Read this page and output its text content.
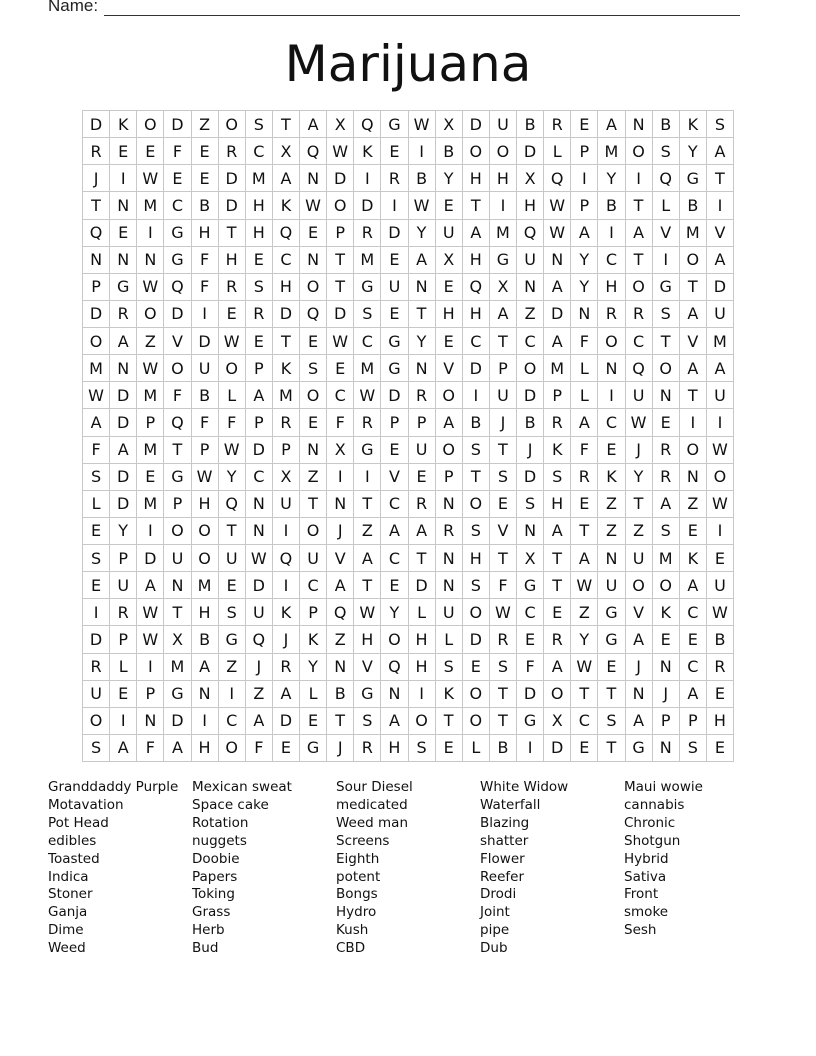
Name:
Marijuana
D K O D Z O S	T	A	X Q G W X D U B	R	E	A N B	K	S
R	E	E	F	E	R C	X Q W K	E	I	B O O D	L	P M O S	Y	A
J	I	W E	E D M A N D	I	R	B	Y	H H X Q	I	Y	I	Q G	T
T	N M C	B D H K W O D	I	W E	T	I	H W P	B	T	L	B	I
Q E	I	G H	T	H Q E	P	R D	Y	U A M Q W A	I	A	V M V
N N N G	F	H	E	C N	T M E	A	X H G U N	Y	C	T	I	O A
P	G W Q	F	R	S	H O T	G U N	E Q X N A	Y	H O G	T	D
D R O D	I	E	R D Q D S	E	T	H H A	Z D N R	R	S	A U
O A	Z	V D W E	T	E W C G	Y	E	C	T	C	A	F	O C	T	V M
M N W O U O	P	K	S	E M G N V D	P	O M L	N Q O A	A
W D M F	B	L	A M O C W D R O	I	U D	P	L	I	U N	T	U
A D	P	Q	F	F	P	R	E	F	R	P	P	A	B	J	B	R	A	C W E	I	I
F	A M T	P W D	P	N X G E	U O S	T	J	K	F	E	J	R O W
S D E G W Y	C	X	Z	I	I	V	E	P	T	S D S	R	K	Y	R N O
L	D M P	H Q N U	T	N	T	C R N O E	S	H	E	Z	T	A	Z W
E	Y	I	O O T	N	I	O	J	Z	A	A	R	S	V N A	T	Z	Z	S	E	I
S	P	D U O U W Q U V	A	C	T	N H	T	X	T	A N U M K	E
E	U A N M E D	I	C	A	T	E D N	S	F	G	T W U O O A U
I	R W T	H	S	U	K	P	Q W Y	L	U O W C	E	Z G V	K	C W
D	P W X	B G Q	J	K	Z H O H	L	D R	E	R	Y	G A	E	E	B
R	L	I	M A	Z	J	R	Y	N V Q H	S	E	S	F	A W E	J	N C R
U	E	P	G N	I	Z	A	L	B G N	I	K O T	D O T	T	N	J	A	E
O	I	N D	I	C	A D E	T	S	A O T O T	G X	C	S	A	P	P	H
S	A	F	A H O	F	E G	J	R H	S	E	L	B	I	D E	T	G N	S	E
Granddaddy Purple
Motavation
Pot Head
edibles
Toasted
Indica
Stoner
Ganja
Dime
Weed
Mexican sweat
Space cake
Rotation
nuggets
Doobie
Papers
Toking
Grass
Herb
Bud
Sour Diesel
medicated
Weed man
Screens
Eighth
potent
Bongs
Hydro
Kush
CBD
White Widow
Waterfall
Blazing
shatter
Flower
Reefer
Drodi
Joint
pipe
Dub
Maui wowie
cannabis
Chronic
Shotgun
Hybrid
Sativa
Front
smoke
Sesh
